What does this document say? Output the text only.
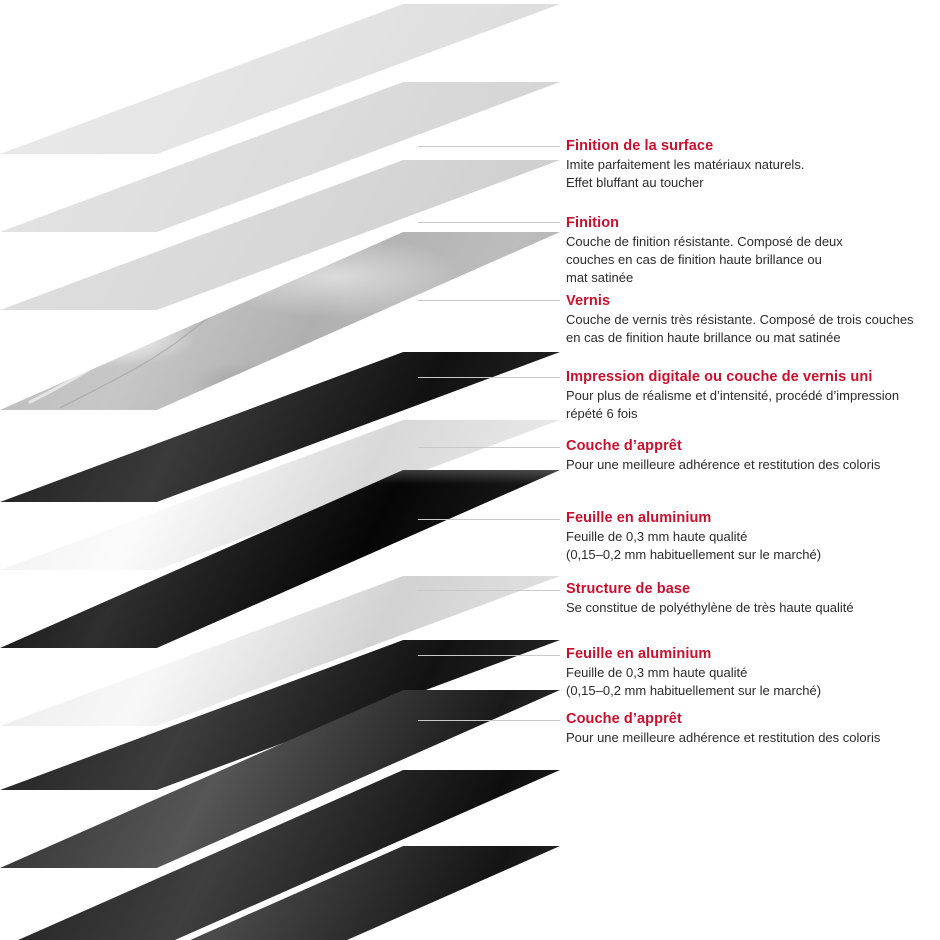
Finition de la surface

Imite parfaitement les matériaux naturels.
Effet bluffant au toucher

Finition

Couche de finition résistante. Composé de deux
couches en cas de finition haute brillance ou
mat satinée

Vernis

Couche de vernis très résistante. Composé de trois couches
en cas de finition haute brillance ou mat satinée

Impression digitale ou couche de vernis uni

Pour plus de réalisme et d’intensité, procédé d’impression
répété 6 fois

Couche d’apprêt

Pour une meilleure adhérence et restitution des coloris

Feuille en aluminium

Feuille de 0,3 mm haute qualité
(0,15–0,2 mm habituellement sur le marché)

Structure de base

Se constitue de polyéthylène de très haute qualité

Feuille en aluminium

Feuille de 0,3 mm haute qualité
(0,15–0,2 mm habituellement sur le marché)

Couche d’apprêt

Pour une meilleure adhérence et restitution des coloris
